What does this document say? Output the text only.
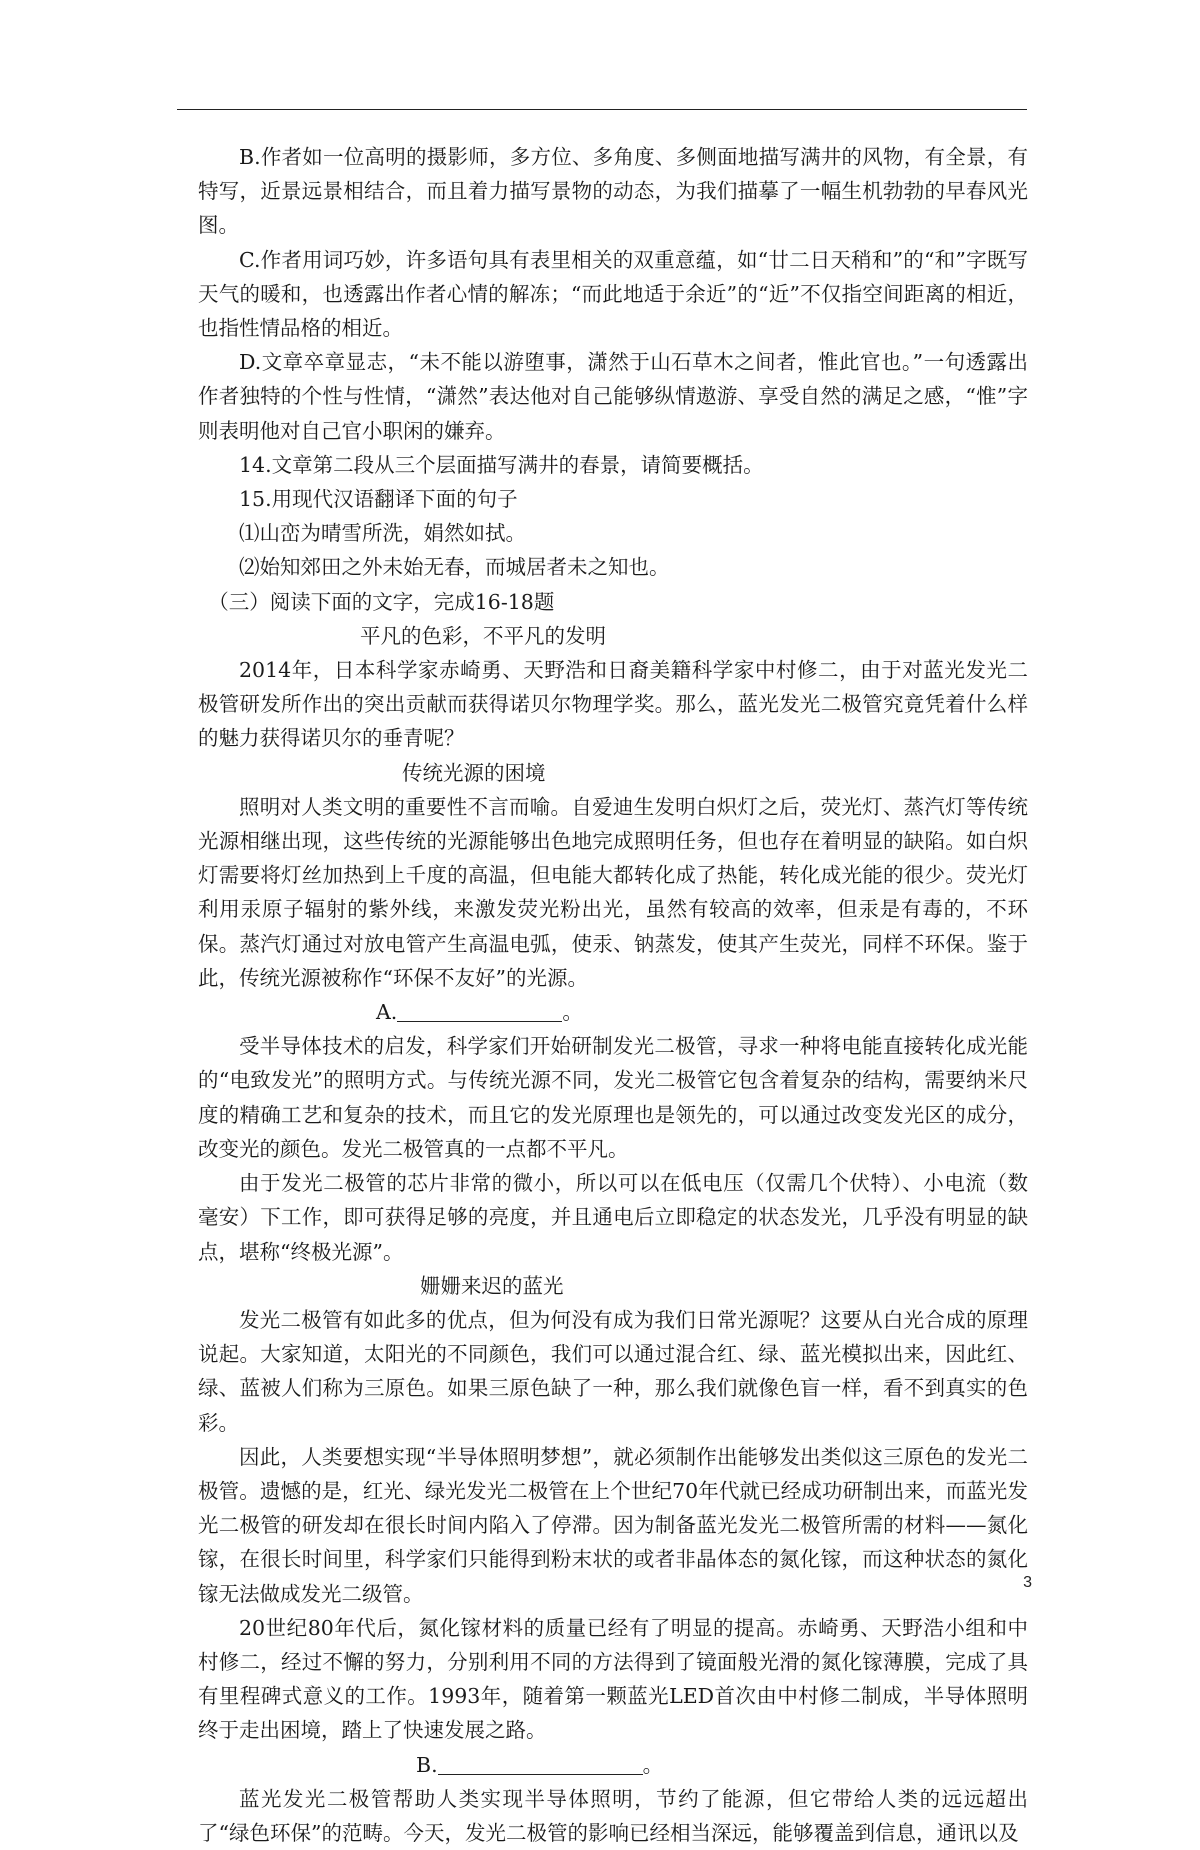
B.作者如一位高明的摄影师，多方位、多角度、多侧面地描写满井的风物，有全景，有特写，近景远景相结合，而且着力描写景物的动态，为我们描摹了一幅生机勃勃的早春风光图。

C.作者用词巧妙，许多语句具有表里相关的双重意蕴，如“廿二日天稍和”的“和”字既写天气的暖和，也透露出作者心情的解冻；“而此地适于余近”的“近”不仅指空间距离的相近，也指性情品格的相近。

D.文章卒章显志，“未不能以游堕事，潇然于山石草木之间者，惟此官也。”一句透露出作者独特的个性与性情，“潇然”表达他对自己能够纵情遨游、享受自然的满足之感，“惟”字则表明他对自己官小职闲的嫌弃。

14.文章第二段从三个层面描写满井的春景，请简要概括。

15.用现代汉语翻译下面的句子

⑴山峦为晴雪所洗，娟然如拭。

⑵始知郊田之外未始无春，而城居者未之知也。

（三）阅读下面的文字，完成16-18题

平凡的色彩，不平凡的发明

2014年，日本科学家赤崎勇、天野浩和日裔美籍科学家中村修二，由于对蓝光发光二极管研发所作出的突出贡献而获得诺贝尔物理学奖。那么，蓝光发光二极管究竟凭着什么样的魅力获得诺贝尔的垂青呢？

传统光源的困境

照明对人类文明的重要性不言而喻。自爱迪生发明白炽灯之后，荧光灯、蒸汽灯等传统光源相继出现，这些传统的光源能够出色地完成照明任务，但也存在着明显的缺陷。如白炽灯需要将灯丝加热到上千度的高温，但电能大都转化成了热能，转化成光能的很少。荧光灯利用汞原子辐射的紫外线，来激发荧光粉出光，虽然有较高的效率，但汞是有毒的，不环保。蒸汽灯通过对放电管产生高温电弧，使汞、钠蒸发，使其产生荧光，同样不环保。鉴于此，传统光源被称作“环保不友好”的光源。

A.	。

受半导体技术的启发，科学家们开始研制发光二极管，寻求一种将电能直接转化成光能的“电致发光”的照明方式。与传统光源不同，发光二极管它包含着复杂的结构，需要纳米尺度的精确工艺和复杂的技术，而且它的发光原理也是领先的，可以通过改变发光区的成分，改变光的颜色。发光二极管真的一点都不平凡。

由于发光二极管的芯片非常的微小，所以可以在低电压（仅需几个伏特）、小电流（数毫安）下工作，即可获得足够的亮度，并且通电后立即稳定的状态发光，几乎没有明显的缺点，堪称“终极光源”。

姗姗来迟的蓝光

发光二极管有如此多的优点，但为何没有成为我们日常光源呢？这要从白光合成的原理说起。大家知道，太阳光的不同颜色，我们可以通过混合红、绿、蓝光模拟出来，因此红、绿、蓝被人们称为三原色。如果三原色缺了一种，那么我们就像色盲一样，看不到真实的色彩。

因此，人类要想实现“半导体照明梦想”，就必须制作出能够发出类似这三原色的发光二极管。遗憾的是，红光、绿光发光二极管在上个世纪70年代就已经成功研制出来，而蓝光发光二极管的研发却在很长时间内陷入了停滞。因为制备蓝光发光二极管所需的材料——氮化镓，在很长时间里，科学家们只能得到粉末状的或者非晶体态的氮化镓，而这种状态的氮化镓无法做成发光二级管。

20世纪80年代后，氮化镓材料的质量已经有了明显的提高。赤崎勇、天野浩小组和中村修二，经过不懈的努力，分别利用不同的方法得到了镜面般光滑的氮化镓薄膜，完成了具有里程碑式意义的工作。1993年，随着第一颗蓝光LED首次由中村修二制成，半导体照明终于走出困境，踏上了快速发展之路。

B.	。

蓝光发光二极管帮助人类实现半导体照明，节约了能源，但它带给人类的远远超出了“绿色环保”的范畴。今天，发光二极管的影响已经相当深远，能够覆盖到信息，通讯以及

3
